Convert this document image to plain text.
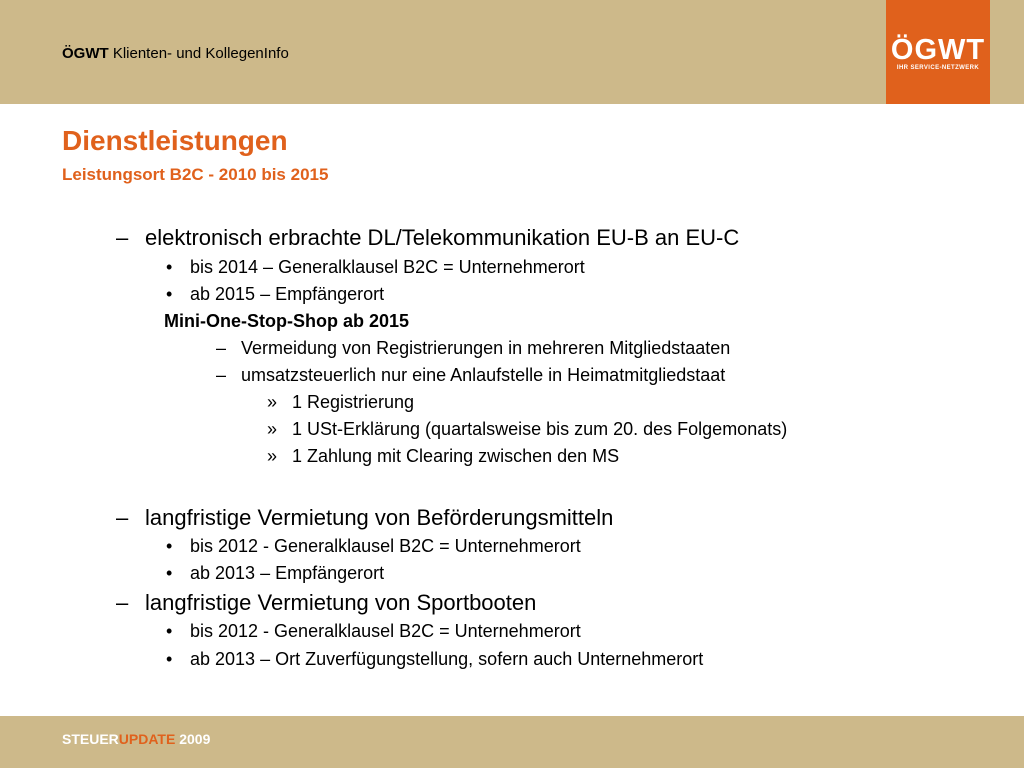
ÖGWT Klienten- und KollegenInfo	ÖGWT
IHR SERVICE-NETZWERK
Dienstleistungen
Leistungsort B2C - 2010 bis 2015
– elektronisch erbrachte DL/Telekommunikation EU-B an EU-C
• bis 2014 – Generalklausel B2C = Unternehmerort
• ab 2015 – Empfängerort
Mini-One-Stop-Shop ab 2015
– Vermeidung von Registrierungen in mehreren Mitgliedstaaten
– umsatzsteuerlich nur eine Anlaufstelle in Heimatmitgliedstaat
» 1 Registrierung
» 1 USt-Erklärung (quartalsweise bis zum 20. des Folgemonats)
» 1 Zahlung mit Clearing zwischen den MS
– langfristige Vermietung von Beförderungsmitteln
• bis 2012 - Generalklausel B2C = Unternehmerort
• ab 2013 – Empfängerort
– langfristige Vermietung von Sportbooten
• bis 2012 - Generalklausel B2C = Unternehmerort
• ab 2013 – Ort Zuverfügungstellung, sofern auch Unternehmerort
STEUERUPDATE 2009
